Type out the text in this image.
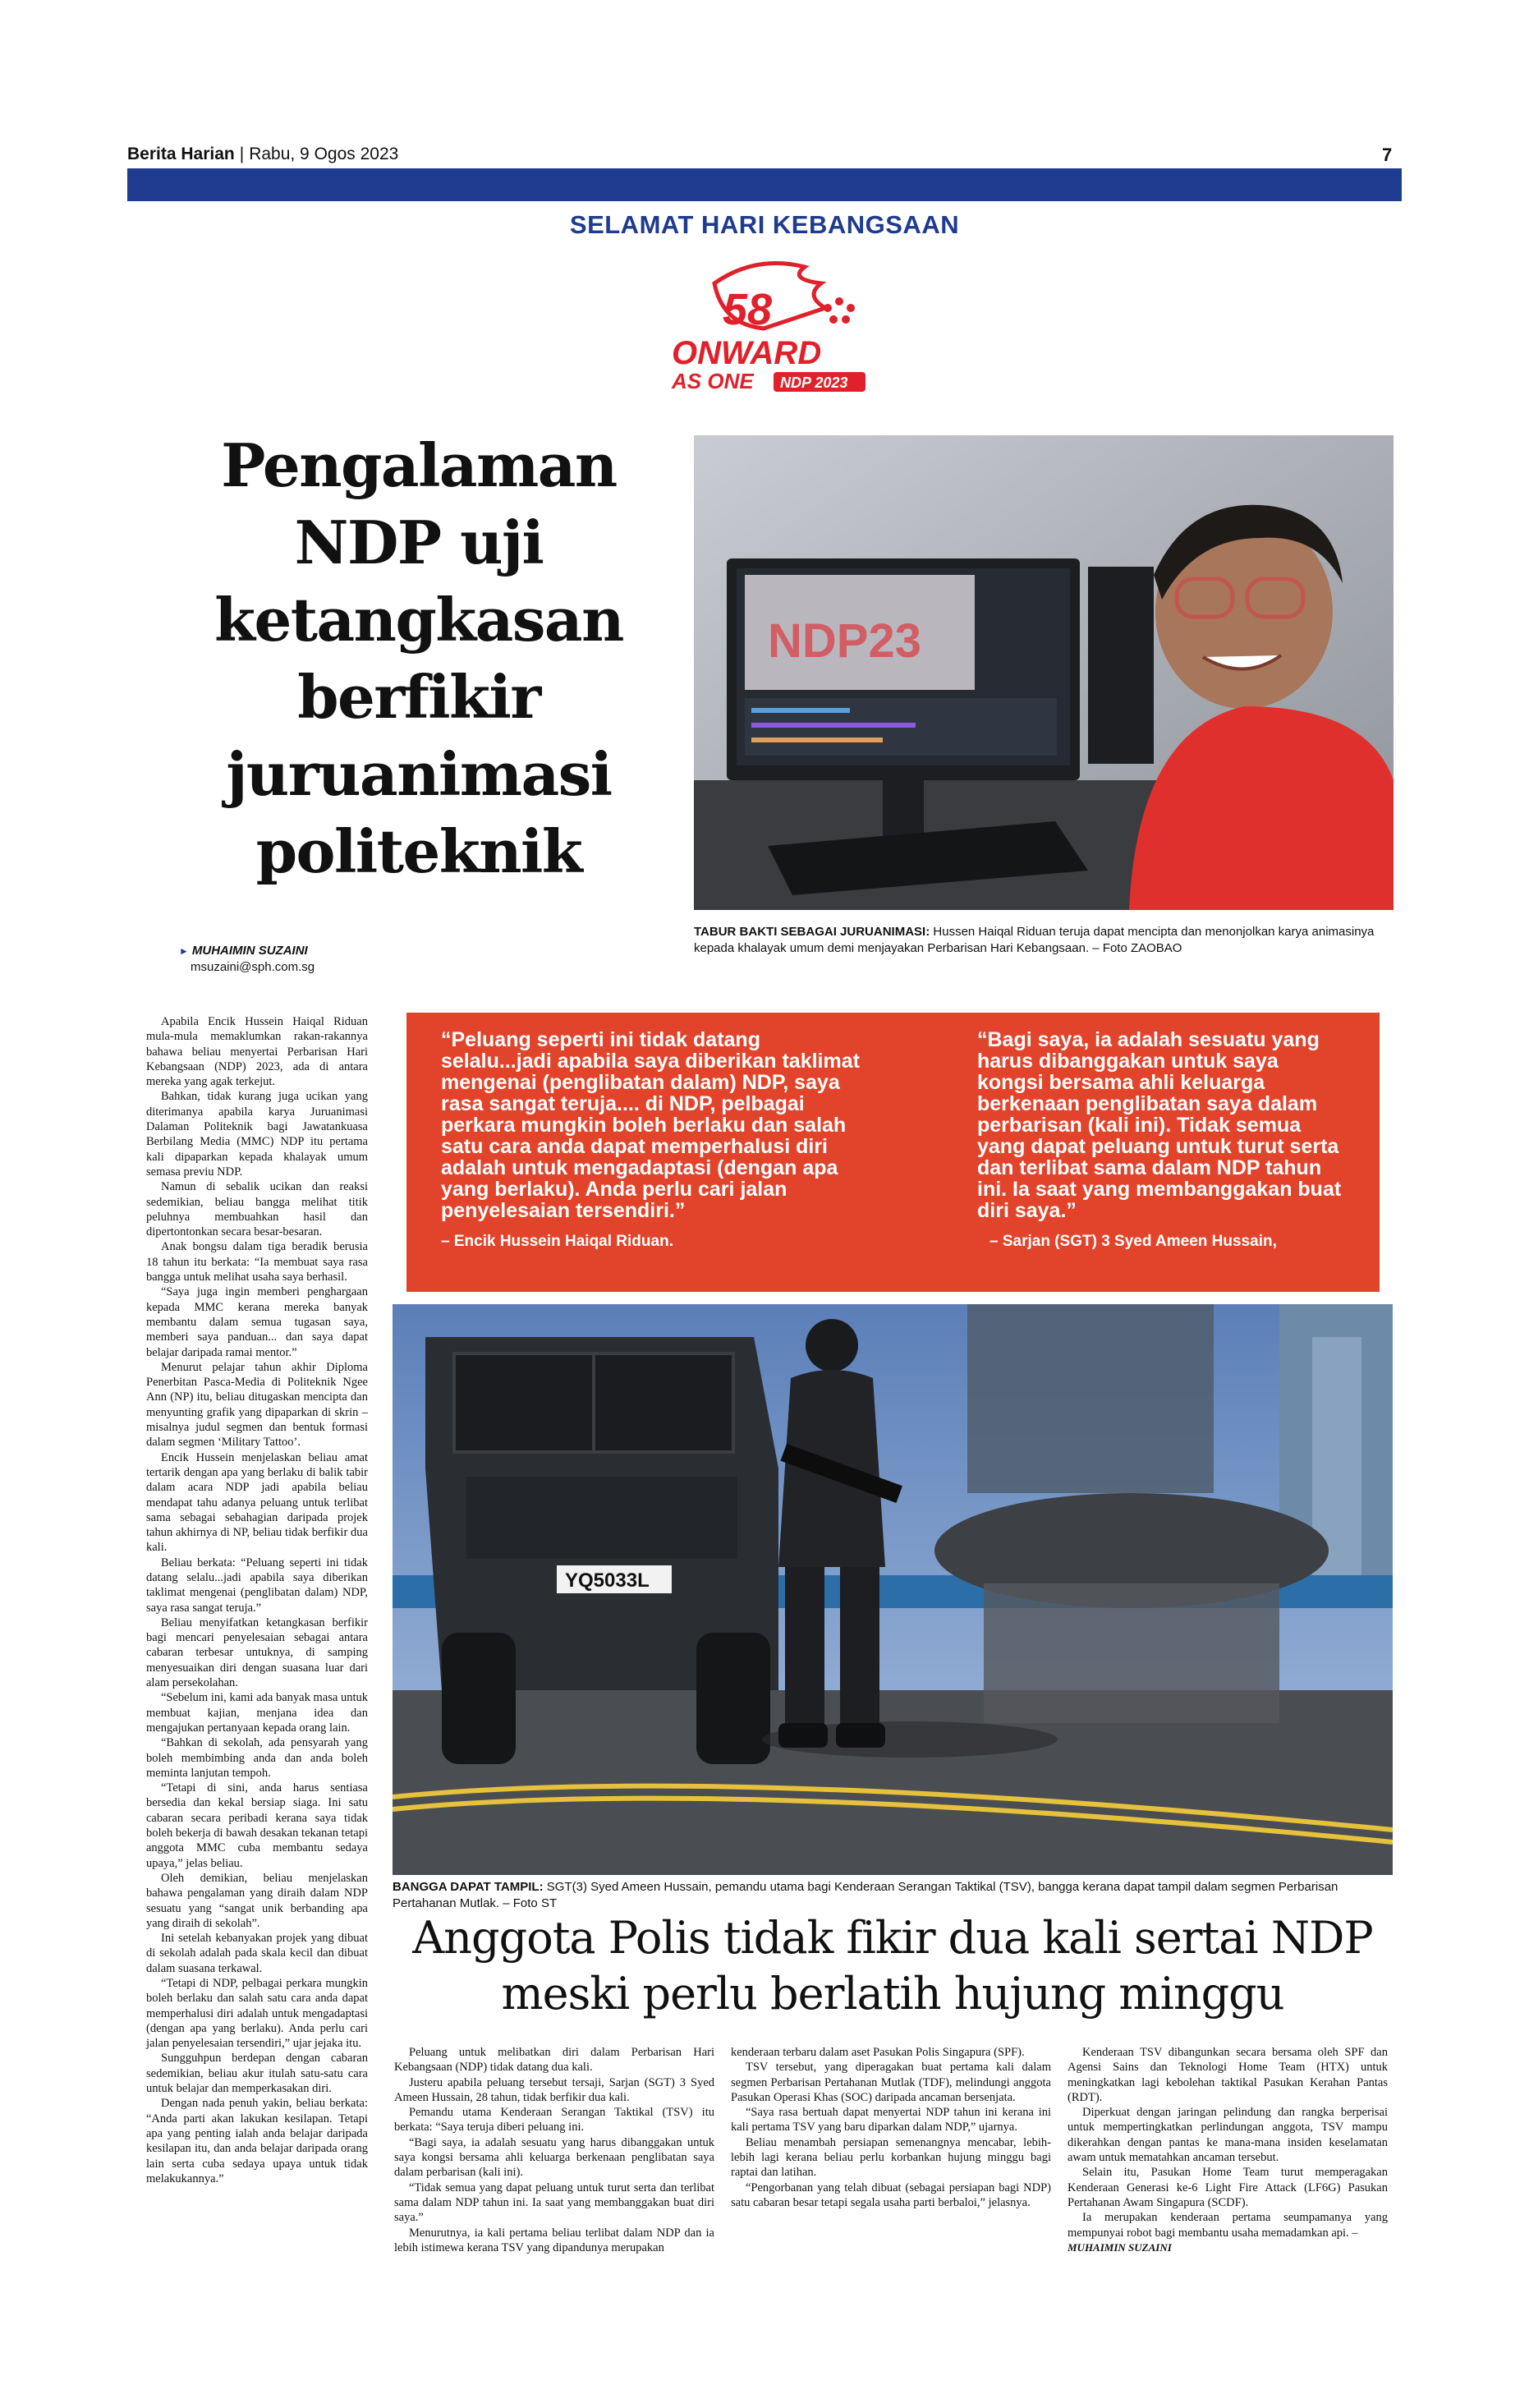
Berita Harian | Rabu, 9 Ogos 2023	7
SELAMAT HARI KEBANGSAAN
58
ONWARD
AS ONE NDP 2023
Pengalaman
NDP uji
ketangkasan
berfikir
juruanimasi
politeknik
NDP23
TABUR BAKTI SEBAGAI JURUANIMASI: Hussen Haiqal Riduan teruja dapat mencipta dan menonjolkan karya animasinya kepada khalayak umum demi menjayakan Perbarisan Hari Kebangsaan. – Foto ZAOBAO
► MUHAIMIN SUZAINI
msuzaini@sph.com.sg

Apabila Encik Hussein Haiqal Riduan mula-mula memaklumkan rakan-rakannya bahawa beliau menyertai Perbarisan Hari Kebangsaan (NDP) 2023, ada di antara mereka yang agak terkejut.

Bahkan, tidak kurang juga ucikan yang diterimanya apabila karya Juruanimasi Dalaman Politeknik bagi Jawatankuasa Berbilang Media (MMC) NDP itu pertama kali dipaparkan kepada khalayak umum semasa previu NDP.

Namun di sebalik ucikan dan reaksi sedemikian, beliau bangga melihat titik peluhnya membuahkan hasil dan dipertontonkan secara besar-besaran.

Anak bongsu dalam tiga beradik berusia 18 tahun itu berkata: “Ia membuat saya rasa bangga untuk melihat usaha saya berhasil.

“Saya juga ingin memberi penghargaan kepada MMC kerana mereka banyak membantu dalam semua tugasan saya, memberi saya panduan... dan saya dapat belajar daripada ramai mentor.”

Menurut pelajar tahun akhir Diploma Penerbitan Pasca-Media di Politeknik Ngee Ann (NP) itu, beliau ditugaskan mencipta dan menyunting grafik yang dipaparkan di skrin – misalnya judul segmen dan bentuk formasi dalam segmen ‘Military Tattoo’.

Encik Hussein menjelaskan beliau amat tertarik dengan apa yang berlaku di balik tabir dalam acara NDP jadi apabila beliau mendapat tahu adanya peluang untuk terlibat sama sebagai sebahagian daripada projek tahun akhirnya di NP, beliau tidak berfikir dua kali.

Beliau berkata: “Peluang seperti ini tidak datang selalu...jadi apabila saya diberikan taklimat mengenai (penglibatan dalam) NDP, saya rasa sangat teruja.”

Beliau menyifatkan ketangkasan berfikir bagi mencari penyelesaian sebagai antara cabaran terbesar untuknya, di samping menyesuaikan diri dengan suasana luar dari alam persekolahan.

“Sebelum ini, kami ada banyak masa untuk membuat kajian, menjana idea dan mengajukan pertanyaan kepada orang lain.

“Bahkan di sekolah, ada pensyarah yang boleh membimbing anda dan anda boleh meminta lanjutan tempoh.

“Tetapi di sini, anda harus sentiasa bersedia dan kekal bersiap siaga. Ini satu cabaran secara peribadi kerana saya tidak boleh bekerja di bawah desakan tekanan tetapi anggota MMC cuba membantu sedaya upaya,” jelas beliau.

Oleh demikian, beliau menjelaskan bahawa pengalaman yang diraih dalam NDP sesuatu yang “sangat unik berbanding apa yang diraih di sekolah”.

Ini setelah kebanyakan projek yang dibuat di sekolah adalah pada skala kecil dan dibuat dalam suasana terkawal.

“Tetapi di NDP, pelbagai perkara mungkin boleh berlaku dan salah satu cara anda dapat memperhalusi diri adalah untuk mengadaptasi (dengan apa yang berlaku). Anda perlu cari jalan penyelesaian tersendiri,” ujar jejaka itu.

Sungguhpun berdepan dengan cabaran sedemikian, beliau akur itulah satu-satu cara untuk belajar dan memperkasakan diri.

Dengan nada penuh yakin, beliau berkata: “Anda parti akan lakukan kesilapan. Tetapi apa yang penting ialah anda belajar daripada kesilapan itu, dan anda belajar daripada orang lain serta cuba sedaya upaya untuk tidak melakukannya.”

“Peluang seperti ini tidak datang selalu...jadi apabila saya diberikan taklimat mengenai (penglibatan dalam) NDP, saya rasa sangat teruja.... di NDP, pelbagai perkara mungkin boleh berlaku dan salah satu cara anda dapat memperhalusi diri adalah untuk mengadaptasi (dengan apa yang berlaku). Anda perlu cari jalan penyelesaian tersendiri.”
– Encik Hussein Haiqal Riduan.
“Bagi saya, ia adalah sesuatu yang harus dibanggakan untuk saya kongsi bersama ahli keluarga berkenaan penglibatan saya dalam perbarisan (kali ini). Tidak semua yang dapat peluang untuk turut serta dan terlibat sama dalam NDP tahun ini. Ia saat yang membanggakan buat diri saya.”
– Sarjan (SGT) 3 Syed Ameen Hussain,
YQ5033L
BANGGA DAPAT TAMPIL: SGT(3) Syed Ameen Hussain, pemandu utama bagi Kenderaan Serangan Taktikal (TSV), bangga kerana dapat tampil dalam segmen Perbarisan Pertahanan Mutlak. – Foto ST
Anggota Polis tidak fikir dua kali sertai NDP
meski perlu berlatih hujung minggu

Peluang untuk melibatkan diri dalam Perbarisan Hari Kebangsaan (NDP) tidak datang dua kali.

Justeru apabila peluang tersebut tersaji, Sarjan (SGT) 3 Syed Ameen Hussain, 28 tahun, tidak berfikir dua kali.

Pemandu utama Kenderaan Serangan Taktikal (TSV) itu berkata: “Saya teruja diberi peluang ini.

“Bagi saya, ia adalah sesuatu yang harus dibanggakan untuk saya kongsi bersama ahli keluarga berkenaan penglibatan saya dalam perbarisan (kali ini).

“Tidak semua yang dapat peluang untuk turut serta dan terlibat sama dalam NDP tahun ini. Ia saat yang membanggakan buat diri saya.”

Menurutnya, ia kali pertama beliau terlibat dalam NDP dan ia lebih istimewa kerana TSV yang dipandunya merupakan

kenderaan terbaru dalam aset Pasukan Polis Singapura (SPF).

TSV tersebut, yang diperagakan buat pertama kali dalam segmen Perbarisan Pertahanan Mutlak (TDF), melindungi anggota Pasukan Operasi Khas (SOC) daripada ancaman bersenjata.

“Saya rasa bertuah dapat menyertai NDP tahun ini kerana ini kali pertama TSV yang baru diparkan dalam NDP,” ujarnya.

Beliau menambah persiapan semenangnya mencabar, lebih-lebih lagi kerana beliau perlu korbankan hujung minggu bagi raptai dan latihan.

“Pengorbanan yang telah dibuat (sebagai persiapan bagi NDP) satu cabaran besar tetapi segala usaha parti berbaloi,” jelasnya.

Kenderaan TSV dibangunkan secara bersama oleh SPF dan Agensi Sains dan Teknologi Home Team (HTX) untuk meningkatkan lagi kebolehan taktikal Pasukan Kerahan Pantas (RDT).

Diperkuat dengan jaringan pelindung dan rangka berperisai untuk mempertingkatkan perlindungan anggota, TSV mampu dikerahkan dengan pantas ke mana-mana insiden keselamatan awam untuk mematahkan ancaman tersebut.

Selain itu, Pasukan Home Team turut memperagakan Kenderaan Generasi ke-6 Light Fire Attack (LF6G) Pasukan Pertahanan Awam Singapura (SCDF).

Ia merupakan kenderaan pertama seumpamanya yang mempunyai robot bagi membantu usaha memadamkan api. –

MUHAIMIN SUZAINI
